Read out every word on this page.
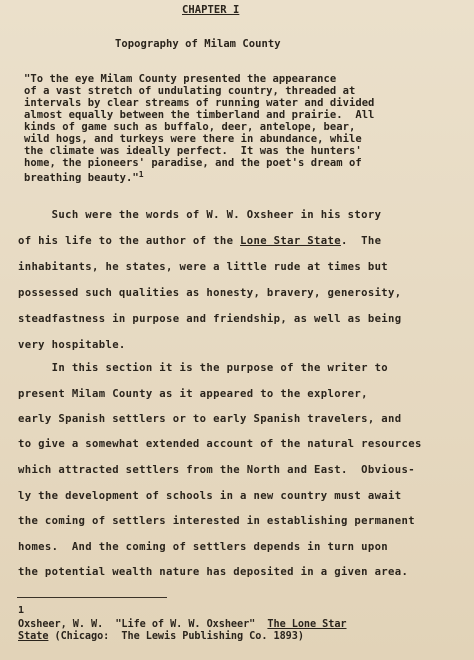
CHAPTER I
Topography of Milam County
"To the eye Milam County presented the appearance
of a vast stretch of undulating country, threaded at
intervals by clear streams of running water and divided
almost equally between the timberland and prairie.  All
kinds of game such as buffalo, deer, antelope, bear,
wild hogs, and turkeys were there in abundance, while
the climate was ideally perfect.  It was the hunters'
home, the pioneers' paradise, and the poet's dream of
breathing beauty."$^1$
Such were the words of W. W. Oxsheer in his story
of his life to the author of the Lone Star State.  The
inhabitants, he states, were a little rude at times but
possessed such qualities as honesty, bravery, generosity,
steadfastness in purpose and friendship, as well as being
very hospitable.
In this section it is the purpose of the writer to
present Milam County as it appeared to the explorer,
early Spanish settlers or to early Spanish travelers, and
to give a somewhat extended account of the natural resources
which attracted settlers from the North and East.  Obvious-
ly the development of schools in a new country must await
the coming of settlers interested in establishing permanent
homes.  And the coming of settlers depends in turn upon
the potential wealth nature has deposited in a given area.
1
Oxsheer, W. W.  "Life of W. W. Oxsheer"  The Lone Star
State (Chicago:  The Lewis Publishing Co. 1893)
